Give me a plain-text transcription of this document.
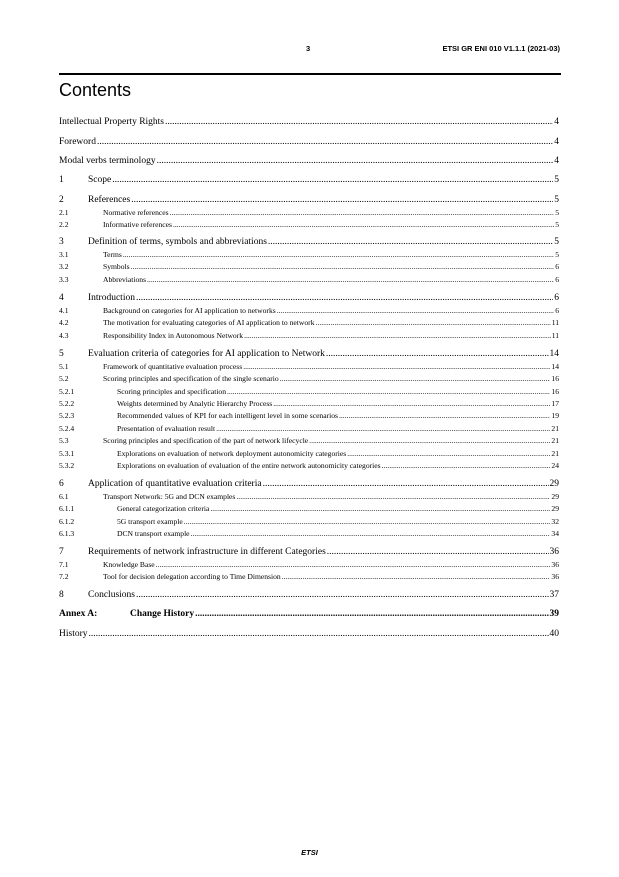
3	ETSI GR ENI 010 V1.1.1 (2021-03)
Contents
Intellectual Property Rights .....	4
Foreword .....	4
Modal verbs terminology .....	4
1	Scope .....	5
2	References .....	5
2.1	Normative references .....	5
2.2	Informative references .....	5
3	Definition of terms, symbols and abbreviations .....	5
3.1	Terms .....	5
3.2	Symbols .....	6
3.3	Abbreviations .....	6
4	Introduction .....	6
4.1	Background on categories for AI application to networks .....	6
4.2	The motivation for evaluating categories of AI application to network .....	11
4.3	Responsibility Index in Autonomous Network .....	11
5	Evaluation criteria of categories for AI application to Network .....	14
5.1	Framework of quantitative evaluation process .....	14
5.2	Scoring principles and specification of the single scenario .....	16
5.2.1	Scoring principles and specification .....	16
5.2.2	Weights determined by Analytic Hierarchy Process .....	17
5.2.3	Recommended values of KPI for each intelligent level in some scenarios .....	19
5.2.4	Presentation of evaluation result .....	21
5.3	Scoring principles and specification of the part of network lifecycle .....	21
5.3.1	Explorations on evaluation of network deployment autonomicity categories .....	21
5.3.2	Explorations on evaluation of evaluation of the entire network autonomicity categories .....	24
6	Application of quantitative evaluation criteria .....	29
6.1	Transport Network: 5G and DCN examples .....	29
6.1.1	General categorization criteria .....	29
6.1.2	5G transport example .....	32
6.1.3	DCN transport example .....	34
7	Requirements of network infrastructure in different Categories .....	36
7.1	Knowledge Base .....	36
7.2	Tool for decision delegation according to Time Dimension .....	36
8	Conclusions .....	37
Annex A:	Change History .....	39
History .....	40
ETSI
